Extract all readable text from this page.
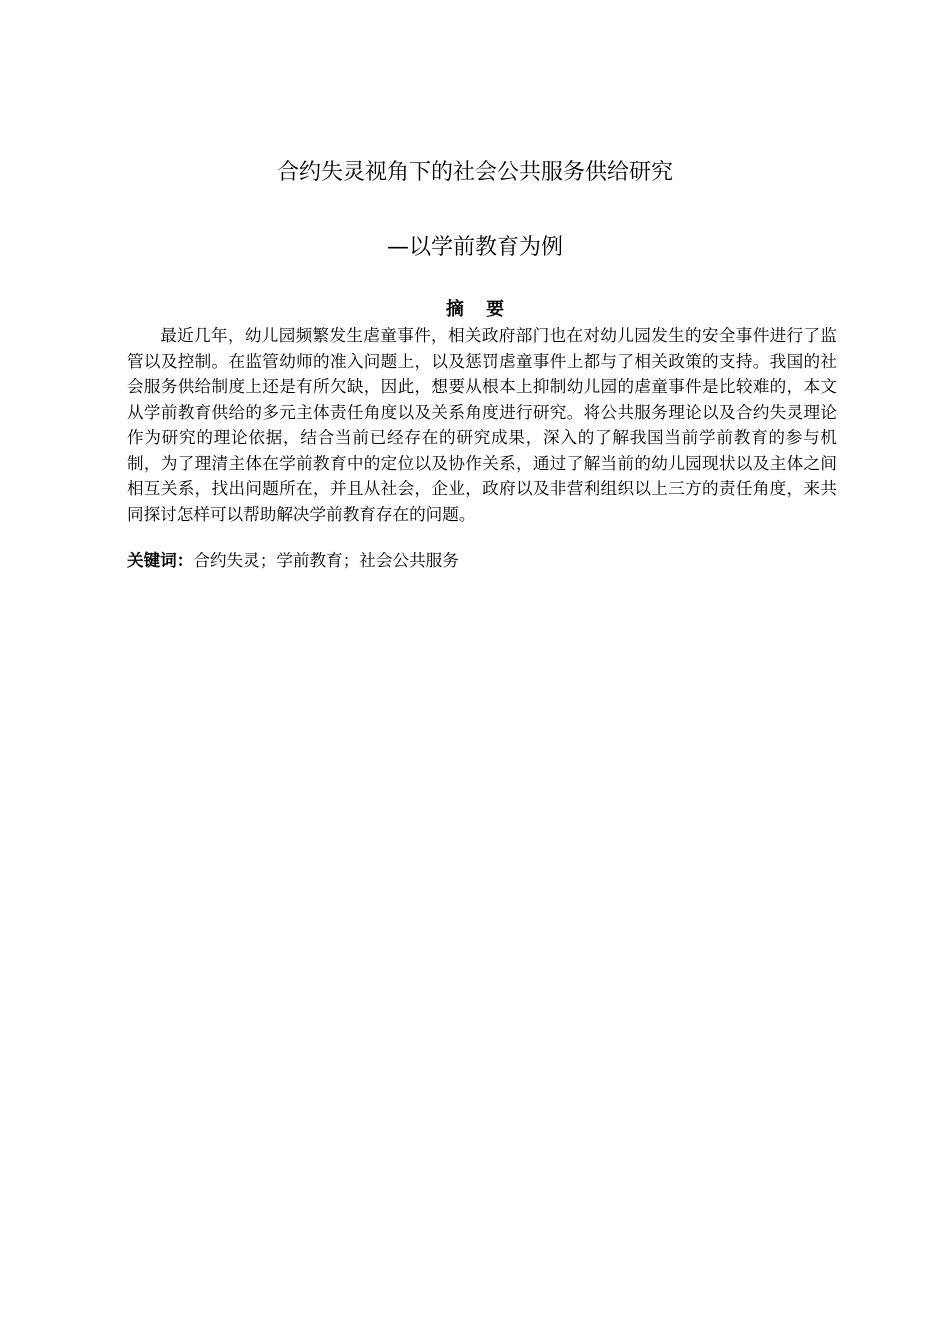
合约失灵视角下的社会公共服务供给研究
—以学前教育为例
摘 要

最近几年，幼儿园频繁发生虐童事件，相关政府部门也在对幼儿园发生的安全事件进行了监管以及控制。在监管幼师的准入问题上，以及惩罚虐童事件上都与了相关政策的支持。我国的社会服务供给制度上还是有所欠缺，因此，想要从根本上抑制幼儿园的虐童事件是比较难的，本文从学前教育供给的多元主体责任角度以及关系角度进行研究。将公共服务理论以及合约失灵理论作为研究的理论依据，结合当前已经存在的研究成果，深入的了解我国当前学前教育的参与机制，为了理清主体在学前教育中的定位以及协作关系，通过了解当前的幼儿园现状以及主体之间相互关系，找出问题所在，并且从社会，企业，政府以及非营利组织以上三方的责任角度，来共同探讨怎样可以帮助解决学前教育存在的问题。

关键词：合约失灵；学前教育；社会公共服务
